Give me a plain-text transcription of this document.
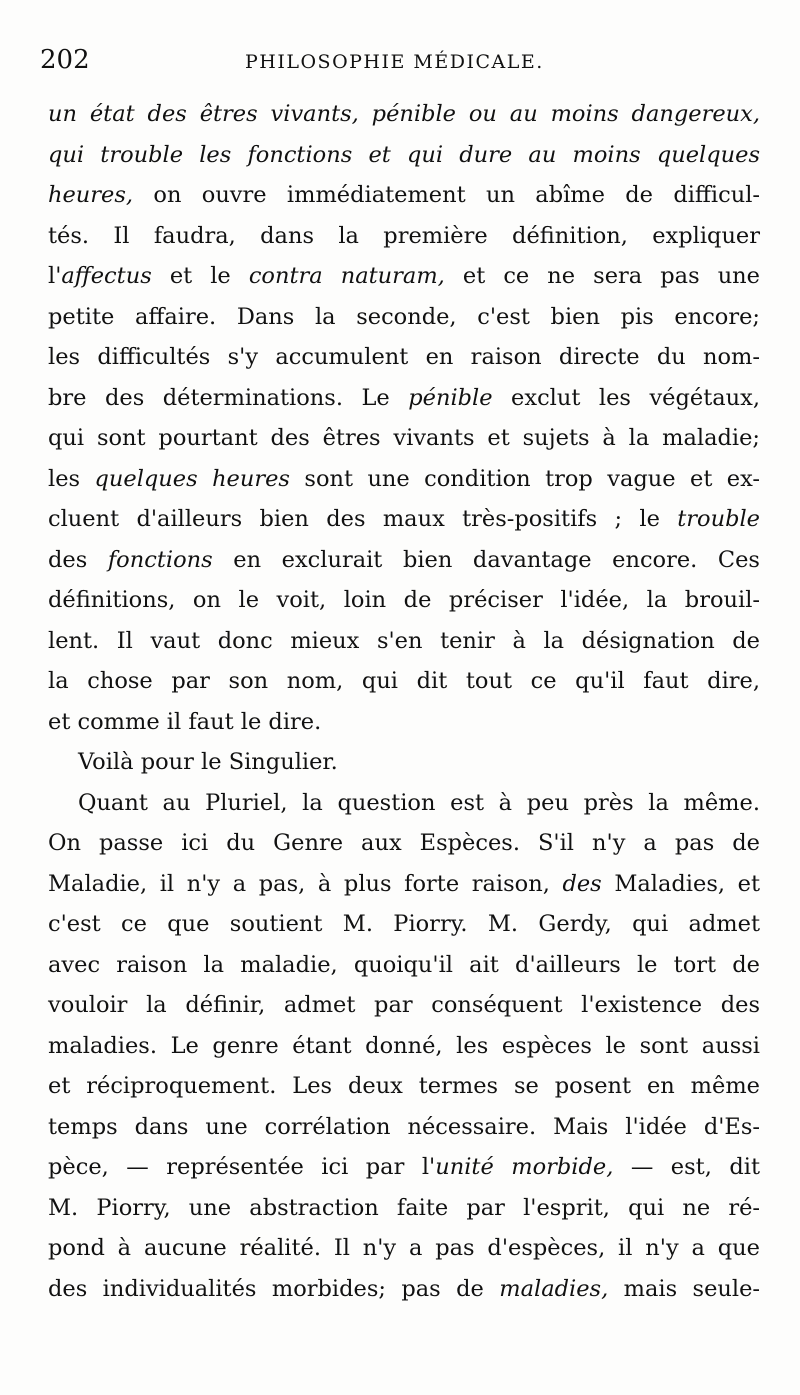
202	PHILOSOPHIE MÉDICALE.
un état des êtres vivants, pénible ou au moins dangereux,
qui trouble les fonctions et qui dure au moins quelques
heures, on ouvre immédiatement un abîme de difficul-
tés. Il faudra, dans la première définition, expliquer
l'affectus et le contra naturam, et ce ne sera pas une
petite affaire. Dans la seconde, c'est bien pis encore;
les difficultés s'y accumulent en raison directe du nom-
bre des déterminations. Le pénible exclut les végétaux,
qui sont pourtant des êtres vivants et sujets à la maladie;
les quelques heures sont une condition trop vague et ex-
cluent d'ailleurs bien des maux très-positifs ; le trouble
des fonctions en exclurait bien davantage encore. Ces
définitions, on le voit, loin de préciser l'idée, la brouil-
lent. Il vaut donc mieux s'en tenir à la désignation de
la chose par son nom, qui dit tout ce qu'il faut dire,
et comme il faut le dire.
Voilà pour le Singulier.
Quant au Pluriel, la question est à peu près la même.
On passe ici du Genre aux Espèces. S'il n'y a pas de
Maladie, il n'y a pas, à plus forte raison, des Maladies, et
c'est ce que soutient M. Piorry. M. Gerdy, qui admet
avec raison la maladie, quoiqu'il ait d'ailleurs le tort de
vouloir la définir, admet par conséquent l'existence des
maladies. Le genre étant donné, les espèces le sont aussi
et réciproquement. Les deux termes se posent en même
temps dans une corrélation nécessaire. Mais l'idée d'Es-
pèce, — représentée ici par l'unité morbide, — est, dit
M. Piorry, une abstraction faite par l'esprit, qui ne ré-
pond à aucune réalité. Il n'y a pas d'espèces, il n'y a que
des individualités morbides; pas de maladies, mais seule-
